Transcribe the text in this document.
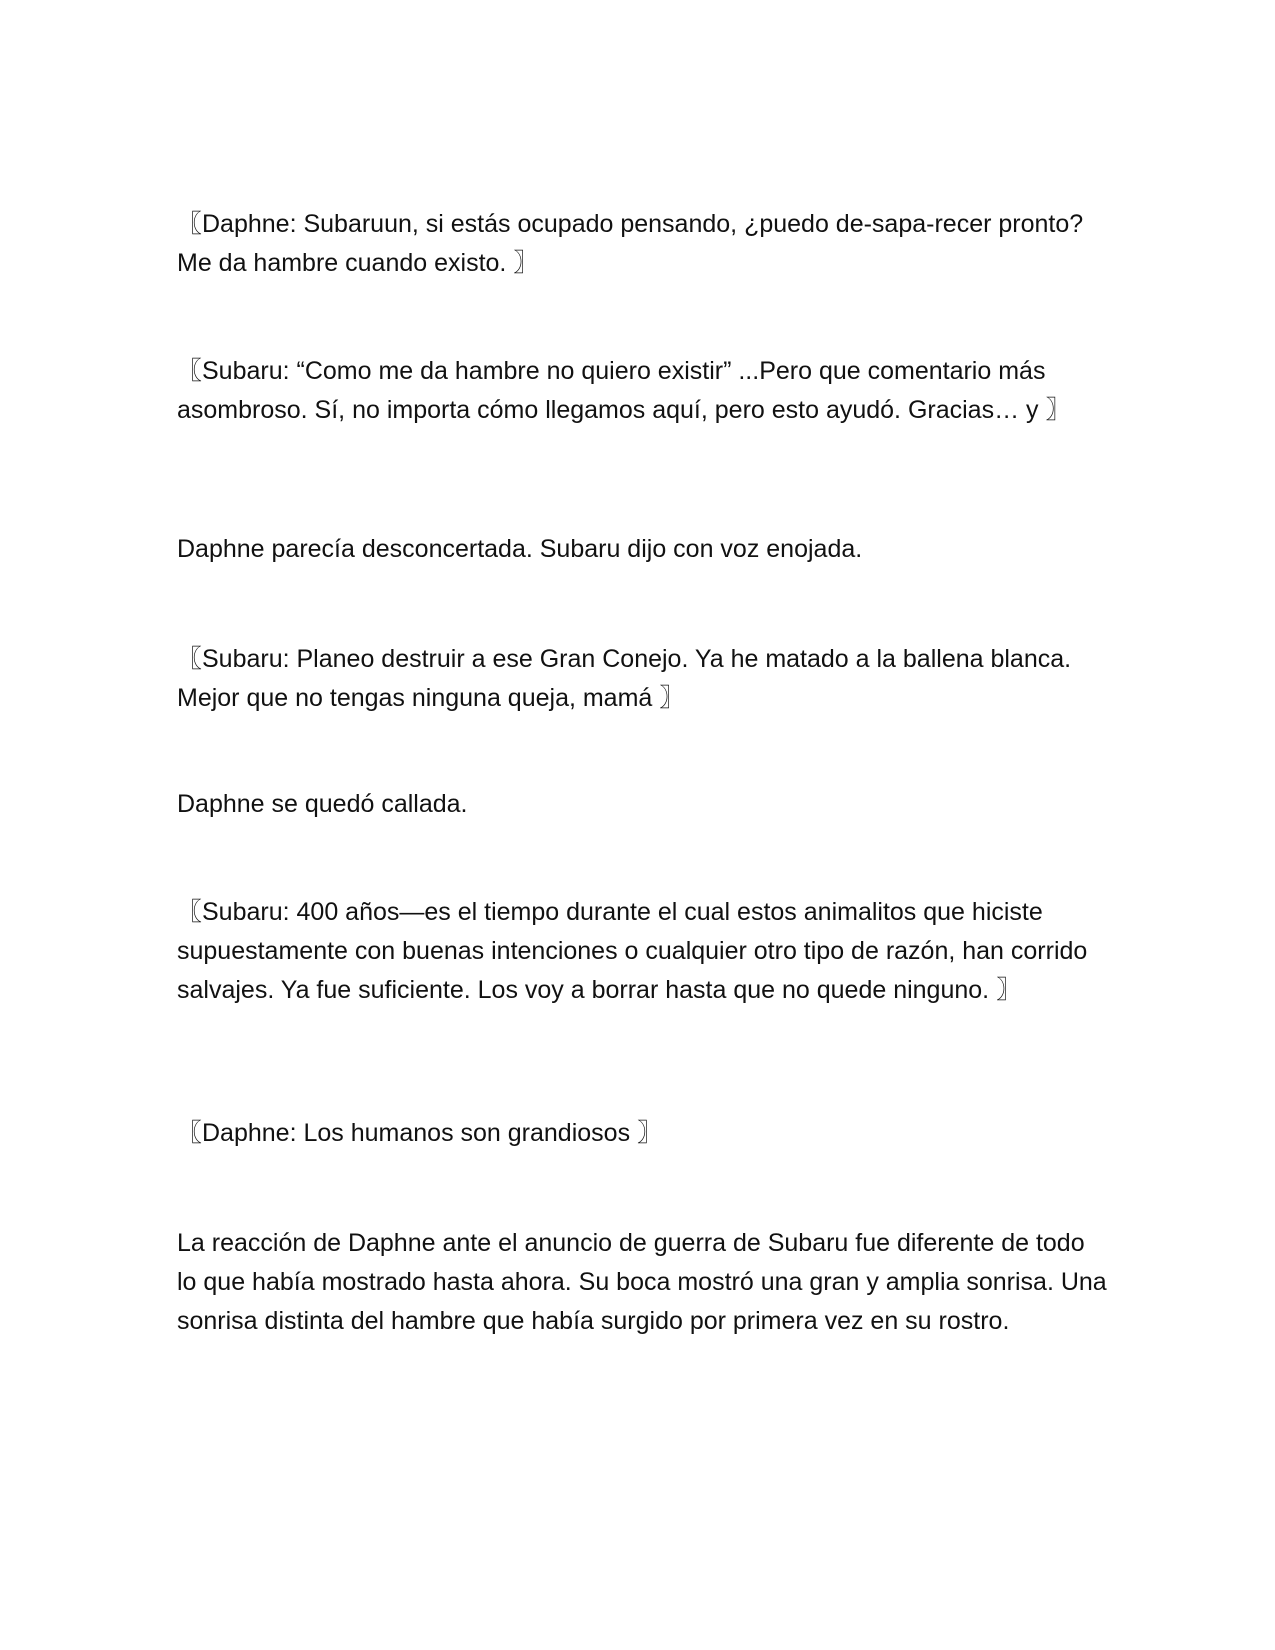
〖Daphne: Subaruun, si estás ocupado pensando, ¿puedo de-sapa-recer pronto? Me da hambre cuando existo. 〗

〖Subaru: “Como me da hambre no quiero existir” ...Pero que comentario más asombroso. Sí, no importa cómo llegamos aquí, pero esto ayudó. Gracias… y 〗

Daphne parecía desconcertada. Subaru dijo con voz enojada.

〖Subaru: Planeo destruir a ese Gran Conejo. Ya he matado a la ballena blanca. Mejor que no tengas ninguna queja, mamá 〗

Daphne se quedó callada.

〖Subaru: 400 años—es el tiempo durante el cual estos animalitos que hiciste supuestamente con buenas intenciones o cualquier otro tipo de razón, han corrido salvajes. Ya fue suficiente. Los voy a borrar hasta que no quede ninguno. 〗

〖Daphne: Los humanos son grandiosos 〗

La reacción de Daphne ante el anuncio de guerra de Subaru fue diferente de todo lo que había mostrado hasta ahora. Su boca mostró una gran y amplia sonrisa. Una sonrisa distinta del hambre que había surgido por primera vez en su rostro.
